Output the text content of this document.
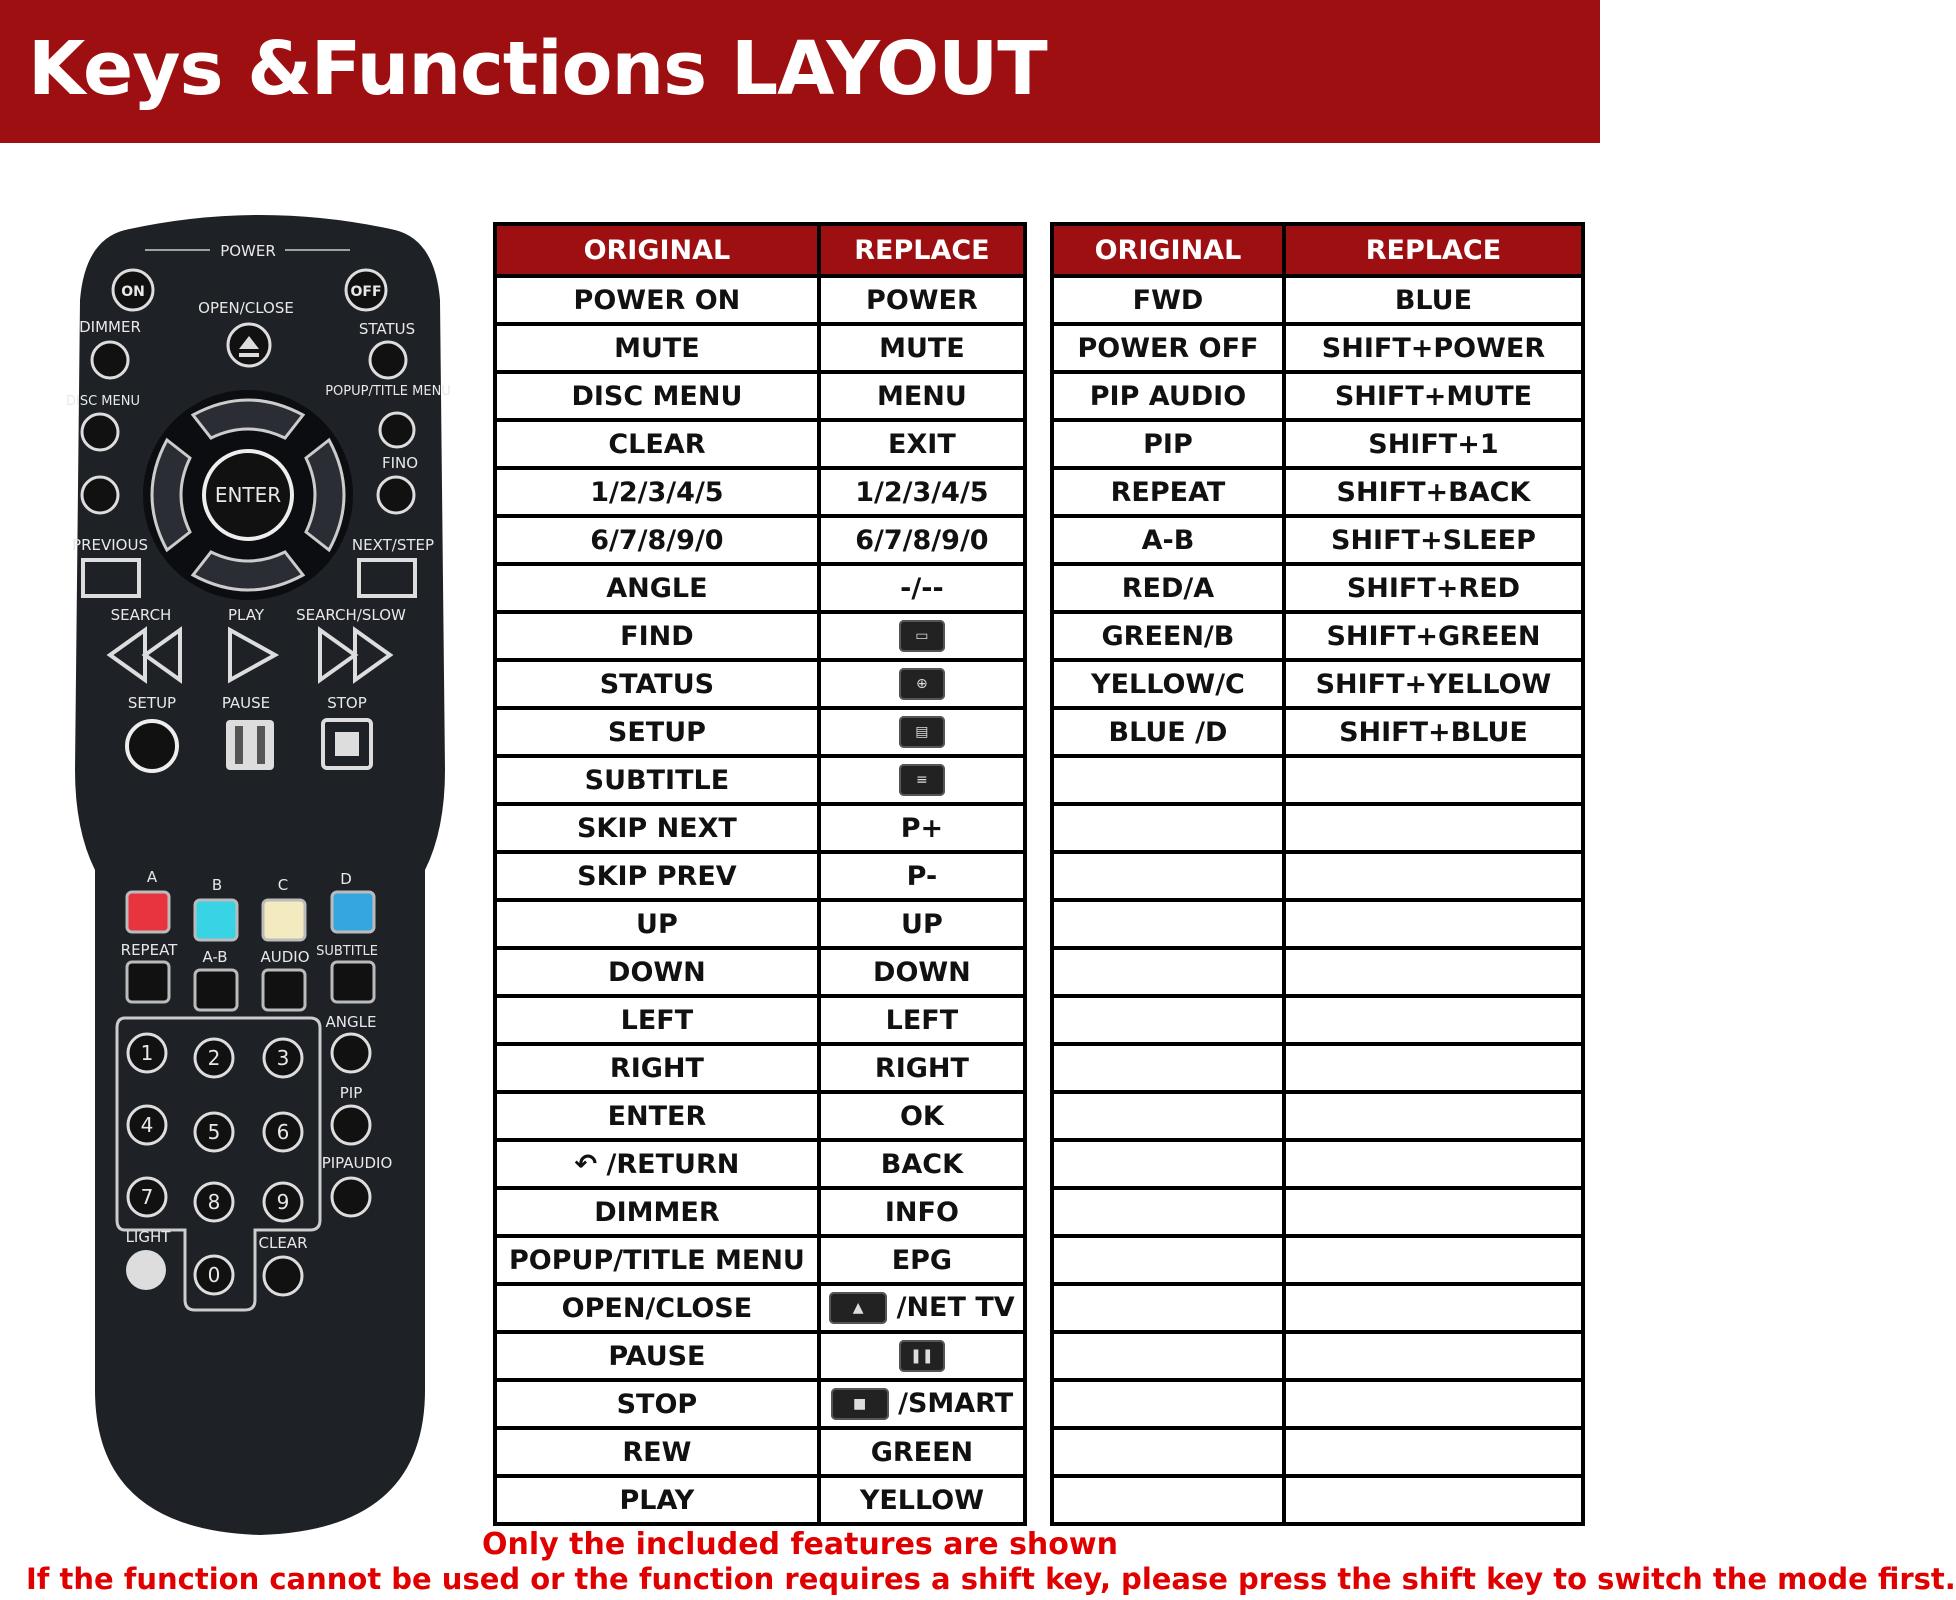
Keys &Functions LAYOUT
POWER
ON	OFF
OPEN/CLOSE
DIMMER	STATUS
DISC MENU
POPUP/TITLE MENU
FINO
ENTER
PREVIOUS	NEXT/STEP
SEARCH	PLAY SEARCH/SLOW
SETUP	PAUSE	STOP
A	B	C	D
REPEAT A-B AUDIO SUBTITLE
1	2	3
4	5	6
7	8	9
0
ANGLE
PIP
PIPAUDIO
LIGHT	CLEAR
ORIGINAL	REPLACE
POWER ON	POWER
MUTE	MUTE
DISC MENU	MENU
CLEAR	EXIT
1/2/3/4/5	1/2/3/4/5
6/7/8/9/0	6/7/8/9/0
ANGLE	-/--
FIND	▭
STATUS	⊕
SETUP	▤
SUBTITLE	≡
SKIP NEXT	P+
SKIP PREV	P-
UP	UP
DOWN	DOWN
LEFT	LEFT
RIGHT	RIGHT
ENTER	OK
↶ /RETURN	BACK
DIMMER	INFO
POPUP/TITLE MENU	EPG
OPEN/CLOSE	▲ /NET TV
PAUSE	❚❚
STOP	■ /SMART
REW	GREEN
PLAY	YELLOW
ORIGINAL	REPLACE
FWD	BLUE
POWER OFF	SHIFT+POWER
PIP AUDIO	SHIFT+MUTE
PIP	SHIFT+1
REPEAT	SHIFT+BACK
A-B	SHIFT+SLEEP
RED/A	SHIFT+RED
GREEN/B	SHIFT+GREEN
YELLOW/C	SHIFT+YELLOW
BLUE /D	SHIFT+BLUE

Only the included features are shown
If the function cannot be used or the function requires a shift key, please press the shift key to switch the mode first.
